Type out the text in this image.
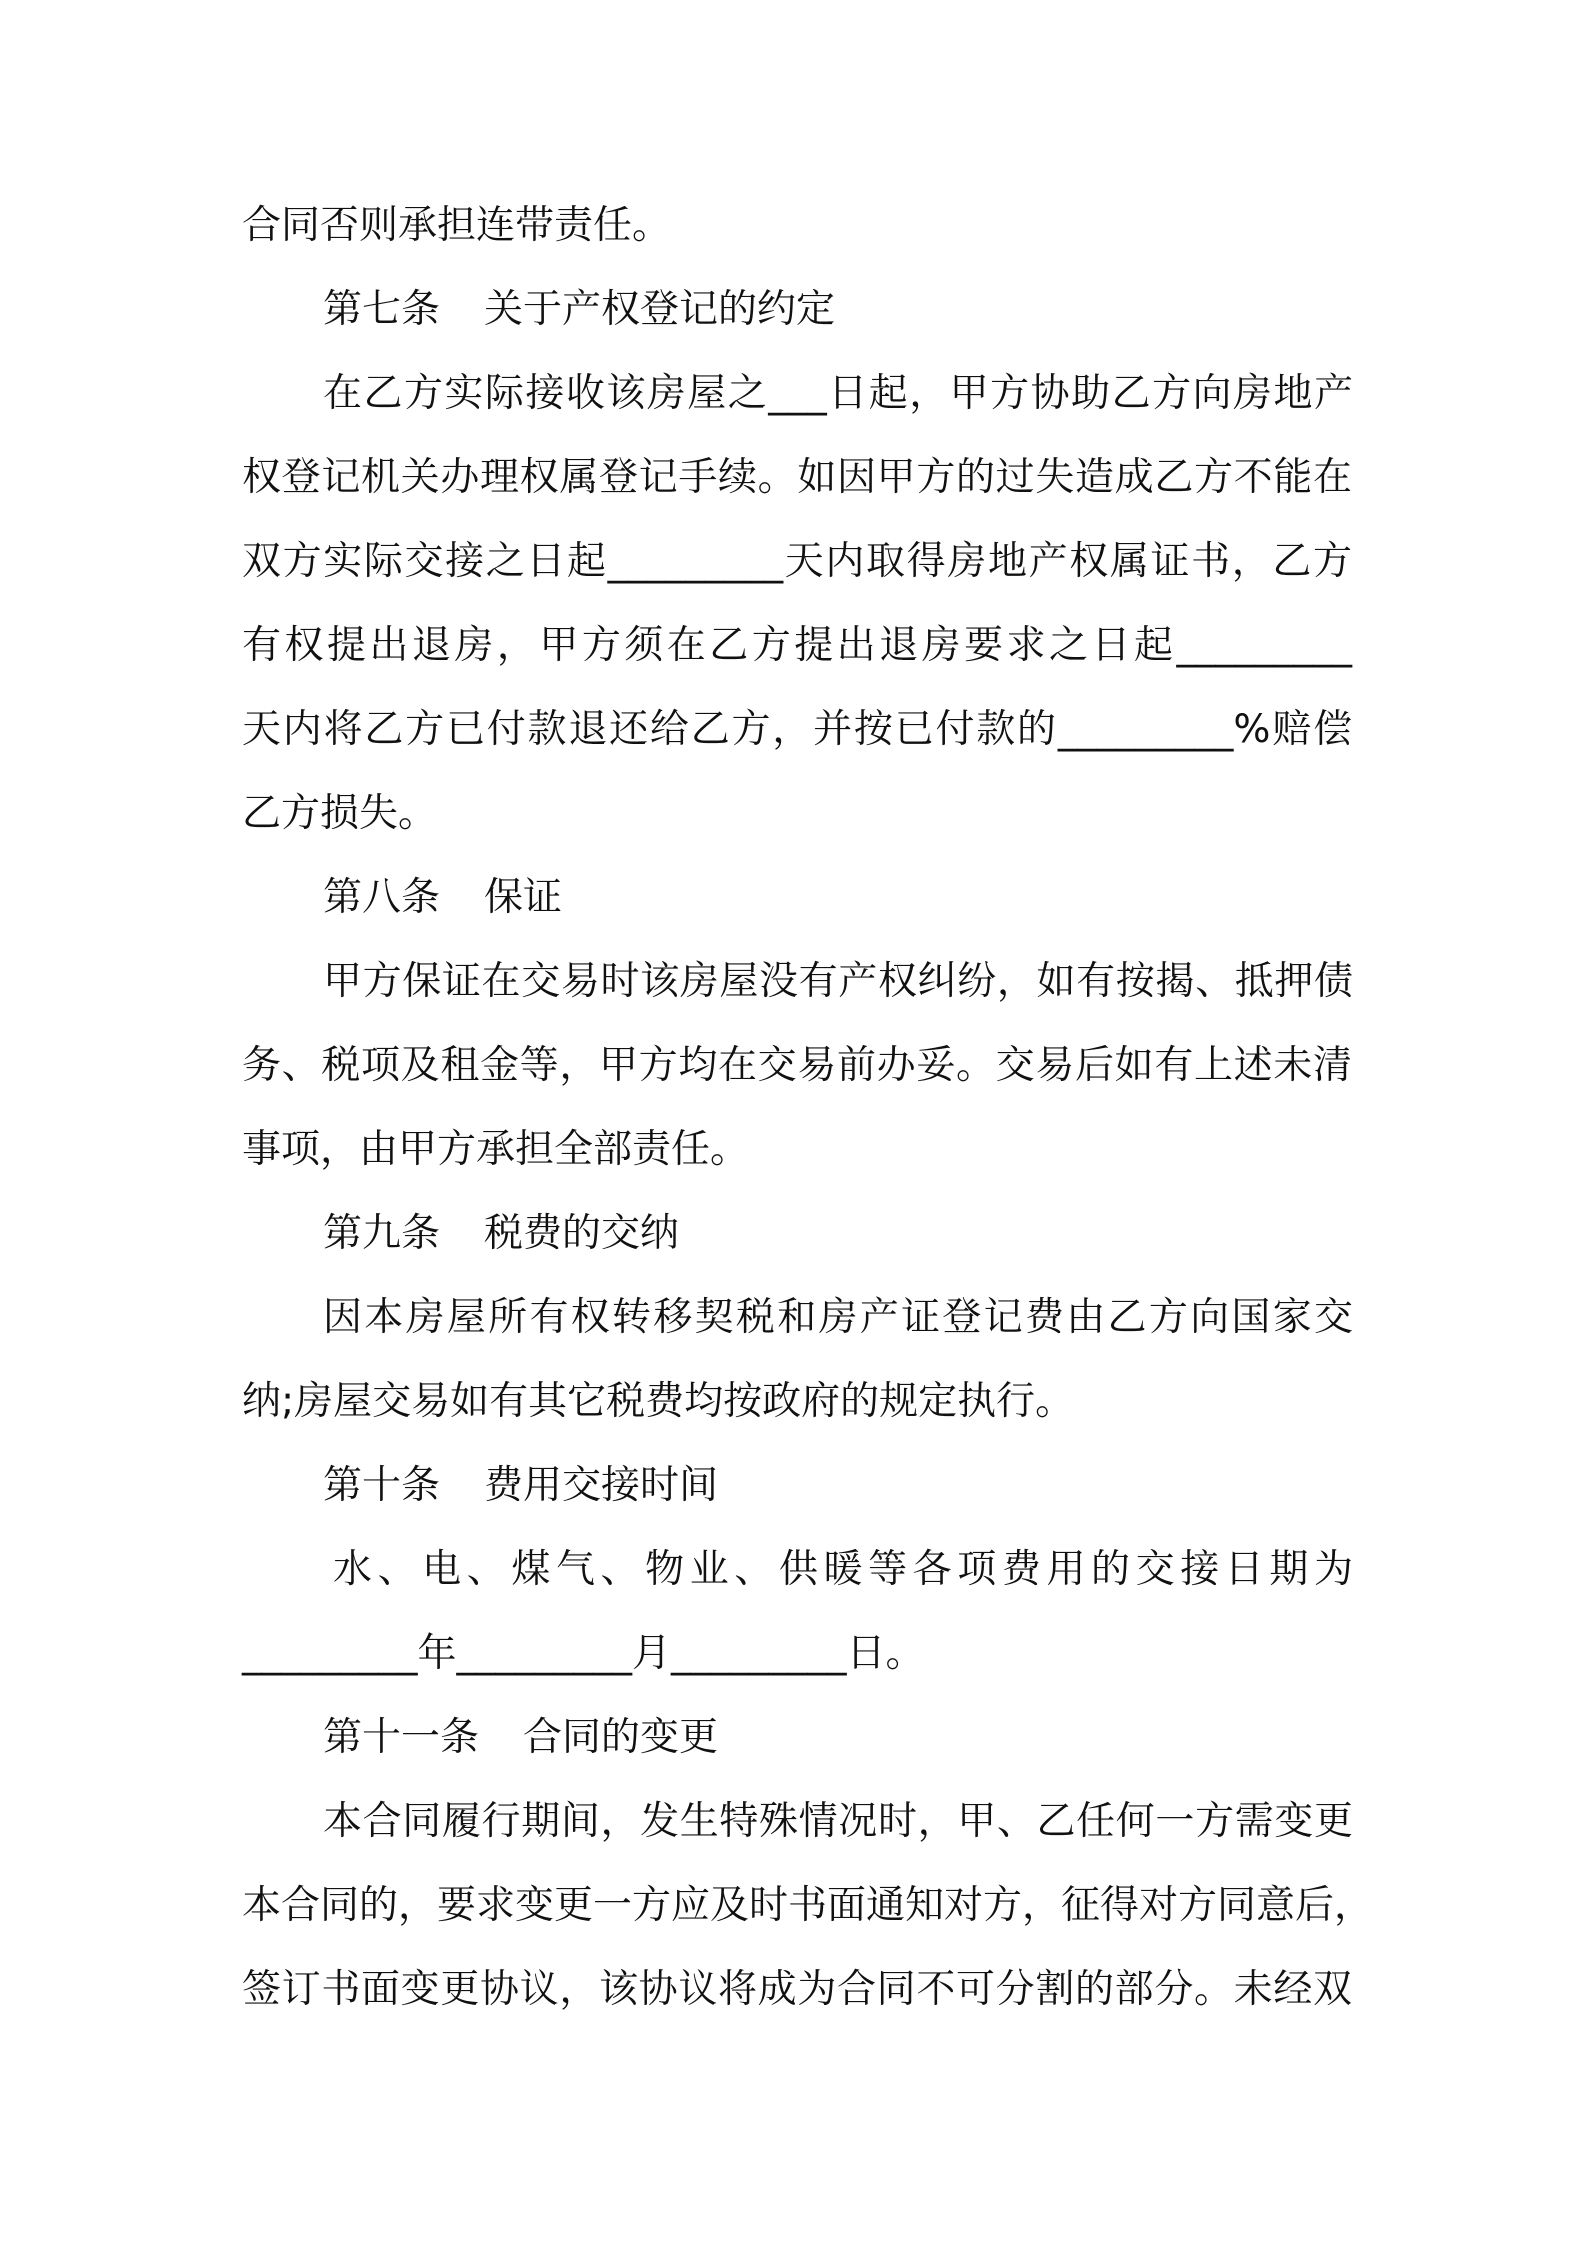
合同否则承担连带责任。
第七条 关于产权登记的约定
在乙方实际接收该房屋之___日起，甲方协助乙方向房地产
权登记机关办理权属登记手续。如因甲方的过失造成乙方不能在
双方实际交接之日起_________天内取得房地产权属证书，乙方
有权提出退房，甲方须在乙方提出退房要求之日起_________
天内将乙方已付款退还给乙方，并按已付款的_________%赔偿
乙方损失。
第八条 保证
甲方保证在交易时该房屋没有产权纠纷，如有按揭、抵押债
务、税项及租金等，甲方均在交易前办妥。交易后如有上述未清
事项，由甲方承担全部责任。
第九条 税费的交纳
因本房屋所有权转移契税和房产证登记费由乙方向国家交
纳;房屋交易如有其它税费均按政府的规定执行。
第十条 费用交接时间
水、电、煤气、物业、供暖等各项费用的交接日期为
_________年_________月_________日。
第十一条 合同的变更
本合同履行期间，发生特殊情况时，甲、乙任何一方需变更
本合同的，要求变更一方应及时书面通知对方，征得对方同意后，
签订书面变更协议，该协议将成为合同不可分割的部分。未经双
